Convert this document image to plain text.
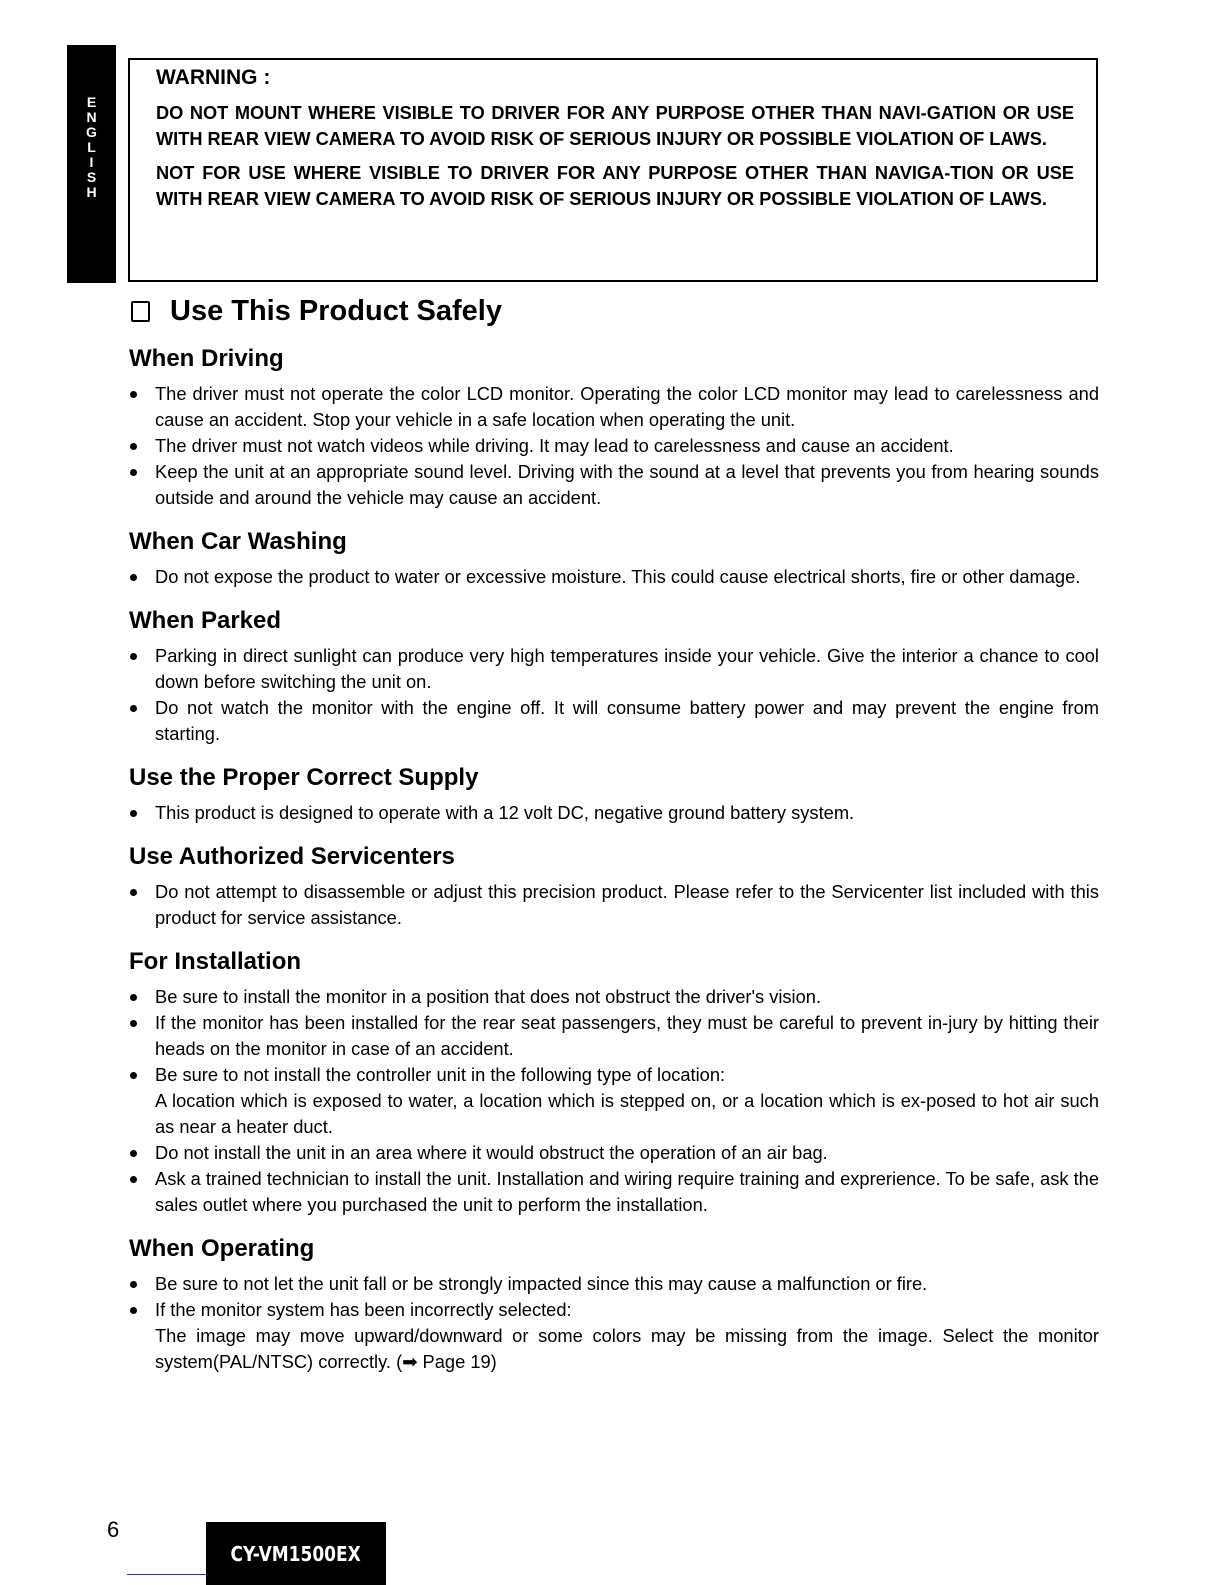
E
N
G
L
I
S
H

WARNING :

DO NOT MOUNT WHERE VISIBLE TO DRIVER FOR ANY PURPOSE OTHER THAN NAVI-GATION OR USE WITH REAR VIEW CAMERA TO AVOID RISK OF SERIOUS INJURY OR POSSIBLE VIOLATION OF LAWS.

NOT FOR USE WHERE VISIBLE TO DRIVER FOR ANY PURPOSE OTHER THAN NAVIGA-TION OR USE WITH REAR VIEW CAMERA TO AVOID RISK OF SERIOUS INJURY OR POSSIBLE VIOLATION OF LAWS.

Use This Product Safely
When Driving
The driver must not operate the color LCD monitor. Operating the color LCD monitor may lead to carelessness and cause an accident. Stop your vehicle in a safe location when operating the unit.
The driver must not watch videos while driving. It may lead to carelessness and cause an accident.
Keep the unit at an appropriate sound level. Driving with the sound at a level that prevents you from hearing sounds outside and around the vehicle may cause an accident.
When Car Washing
Do not expose the product to water or excessive moisture. This could cause electrical shorts, fire or other damage.
When Parked
Parking in direct sunlight can produce very high temperatures inside your vehicle. Give the interior a chance to cool down before switching the unit on.
Do not watch the monitor with the engine off. It will consume battery power and may prevent the engine from starting.
Use the Proper Correct Supply
This product is designed to operate with a 12 volt DC, negative ground battery system.
Use Authorized Servicenters
Do not attempt to disassemble or adjust this precision product. Please refer to the Servicenter list included with this product for service assistance.
For Installation
Be sure to install the monitor in a position that does not obstruct the driver's vision.
If the monitor has been installed for the rear seat passengers, they must be careful to prevent in-jury by hitting their heads on the monitor in case of an accident.
Be sure to not install the controller unit in the following type of location:
A location which is exposed to water, a location which is stepped on, or a location which is ex-posed to hot air such as near a heater duct.
Do not install the unit in an area where it would obstruct the operation of an air bag.
Ask a trained technician to install the unit. Installation and wiring require training and exprerience. To be safe, ask the sales outlet where you purchased the unit to perform the installation.
When Operating
Be sure to not let the unit fall or be strongly impacted since this may cause a malfunction or fire.
If the monitor system has been incorrectly selected:
The image may move upward/downward or some colors may be missing from the image. Select the monitor system(PAL/NTSC) correctly. (➡ Page 19)
6
CY-VM1500EX
